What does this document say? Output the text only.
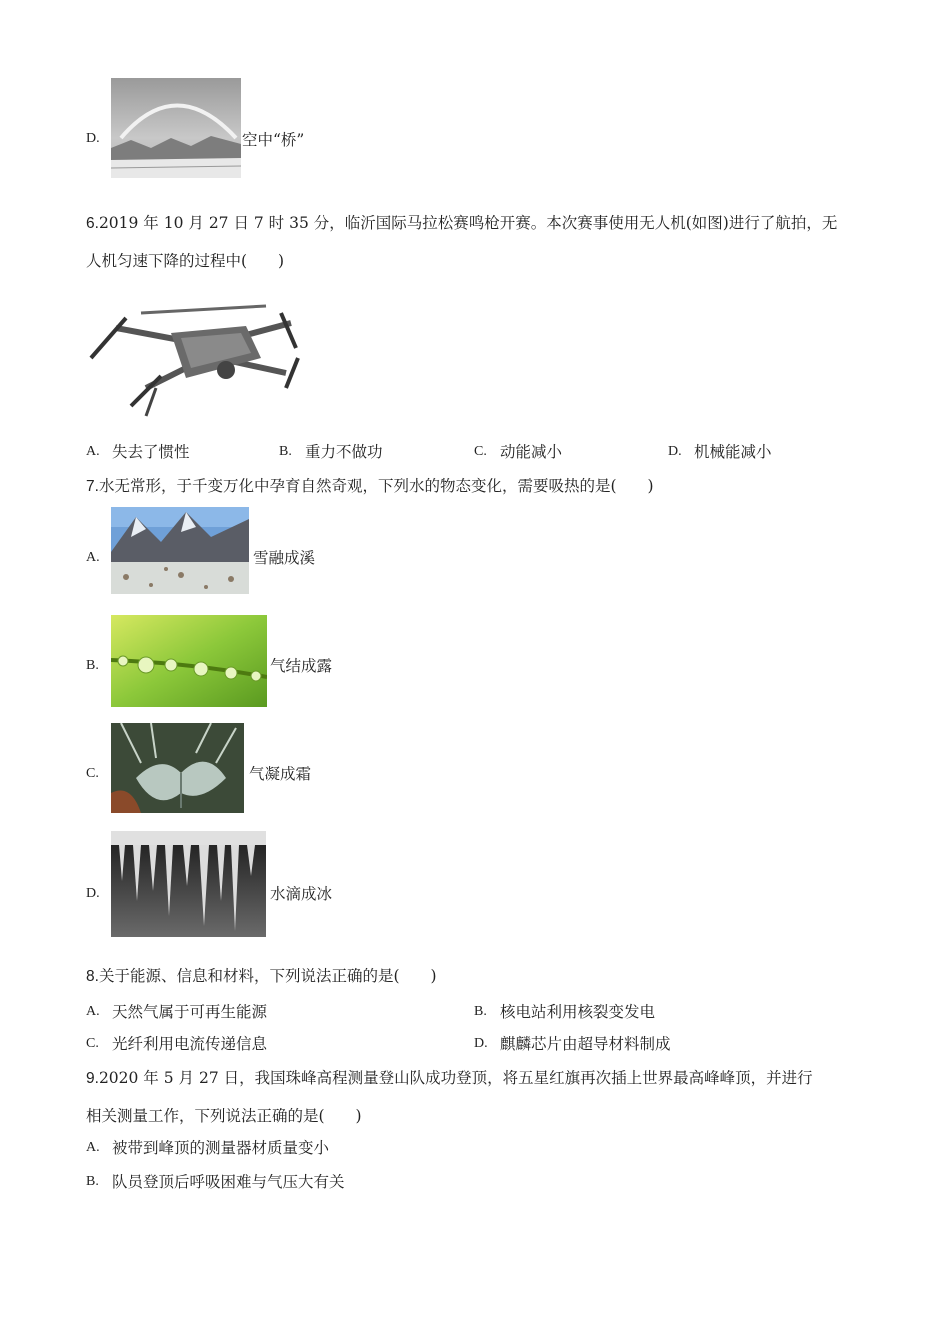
D.	空中“桥”
6.2019 年 10 月 27 日 7 时 35 分，临沂国际马拉松赛鸣枪开赛。本次赛事使用无人机(如图)进行了航拍，无
人机匀速下降的过程中(　　)
A. 失去了惯性	B. 重力不做功	C. 动能减小	D. 机械能减小
7.水无常形，于千变万化中孕育自然奇观，下列水的物态变化，需要吸热的是(　　)
A.	雪融成溪
B.	气结成露
C.	气凝成霜
D.	水滴成冰
8.关于能源、信息和材料，下列说法正确的是(　　)
A. 天然气属于可再生能源	B. 核电站利用核裂变发电
C. 光纤利用电流传递信息	D. 麒麟芯片由超导材料制成
9.2020 年 5 月 27 日，我国珠峰高程测量登山队成功登顶，将五星红旗再次插上世界最高峰峰顶，并进行
相关测量工作，下列说法正确的是(　　)
A. 被带到峰顶的测量器材质量变小
B. 队员登顶后呼吸困难与气压大有关
